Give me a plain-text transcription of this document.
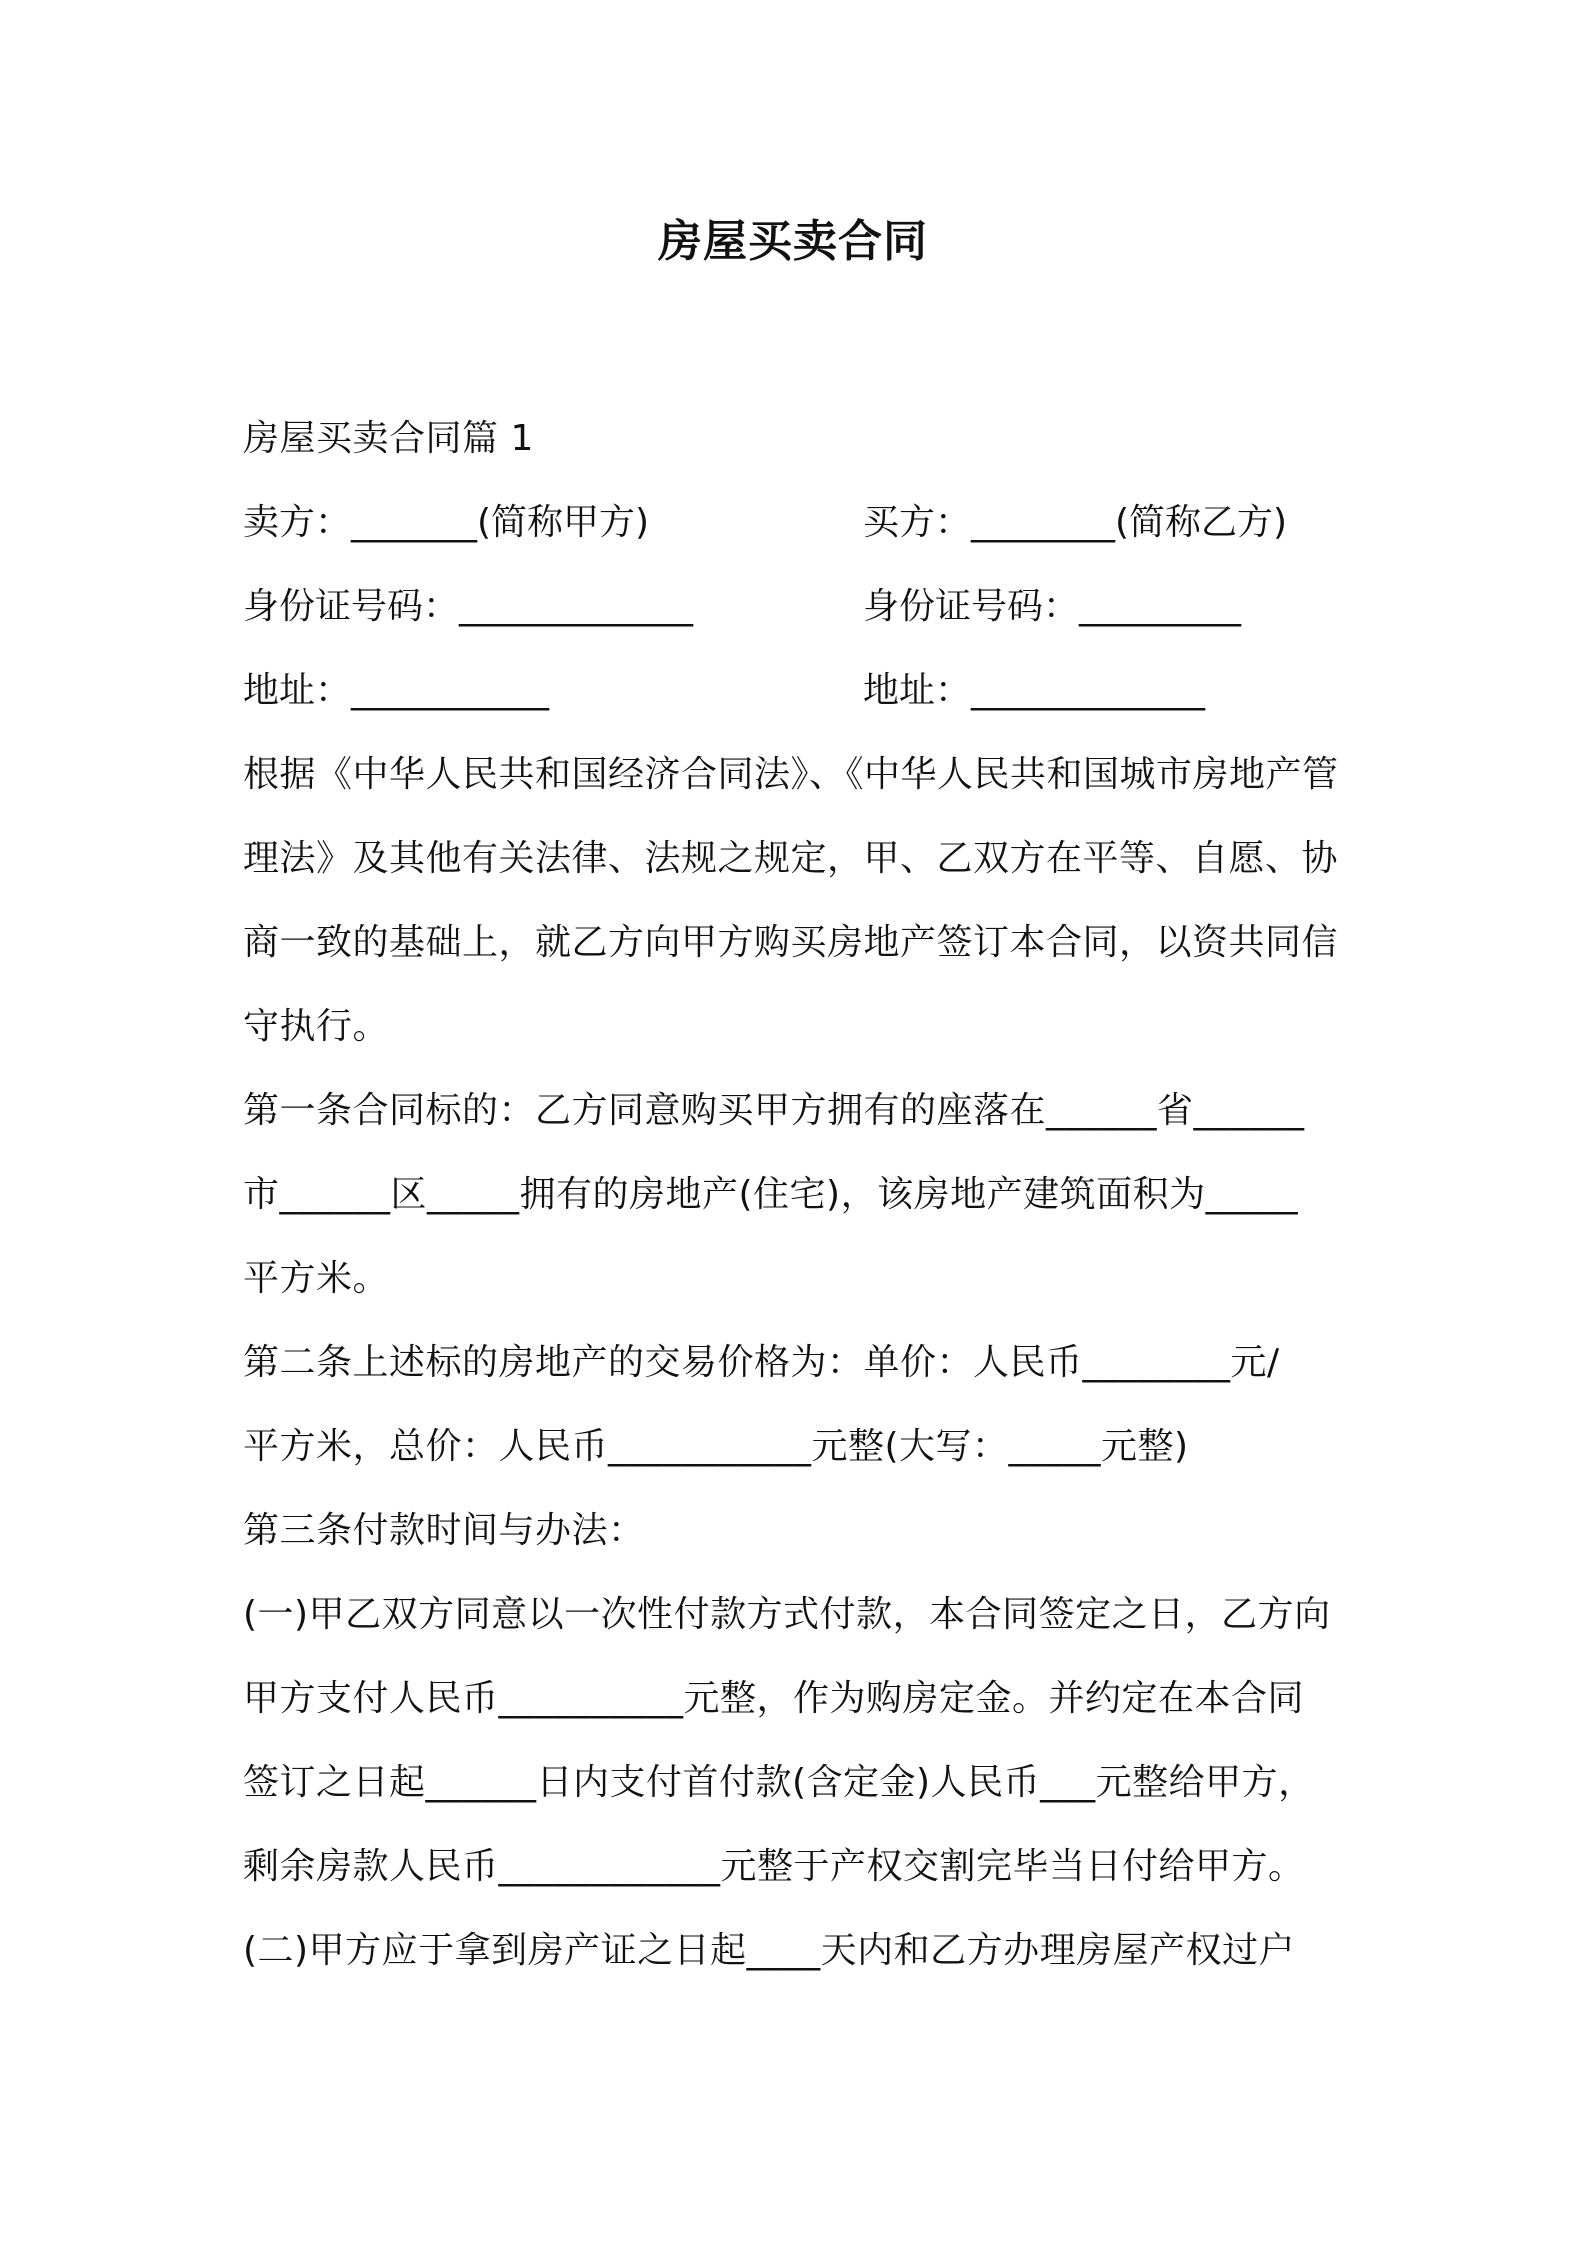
房屋买卖合同
房屋买卖合同篇 1
卖方：_______(简称甲方)	买方：________(简称乙方)
身份证号码：_____________	身份证号码：_________
地址：___________	地址：_____________
根据《中华人民共和国经济合同法》、《中华人民共和国城市房地产管
理法》及其他有关法律、法规之规定，甲、乙双方在平等、自愿、协
商一致的基础上，就乙方向甲方购买房地产签订本合同，以资共同信
守执行。
第一条合同标的：乙方同意购买甲方拥有的座落在______省______
市______区_____拥有的房地产(住宅)，该房地产建筑面积为_____
平方米。
第二条上述标的房地产的交易价格为：单价：人民币________元/
平方米，总价：人民币___________元整(大写：_____元整)
第三条付款时间与办法：
(一)甲乙双方同意以一次性付款方式付款，本合同签定之日，乙方向
甲方支付人民币__________元整，作为购房定金。并约定在本合同
签订之日起______日内支付首付款(含定金)人民币___元整给甲方，
剩余房款人民币____________元整于产权交割完毕当日付给甲方。
(二)甲方应于拿到房产证之日起____天内和乙方办理房屋产权过户
